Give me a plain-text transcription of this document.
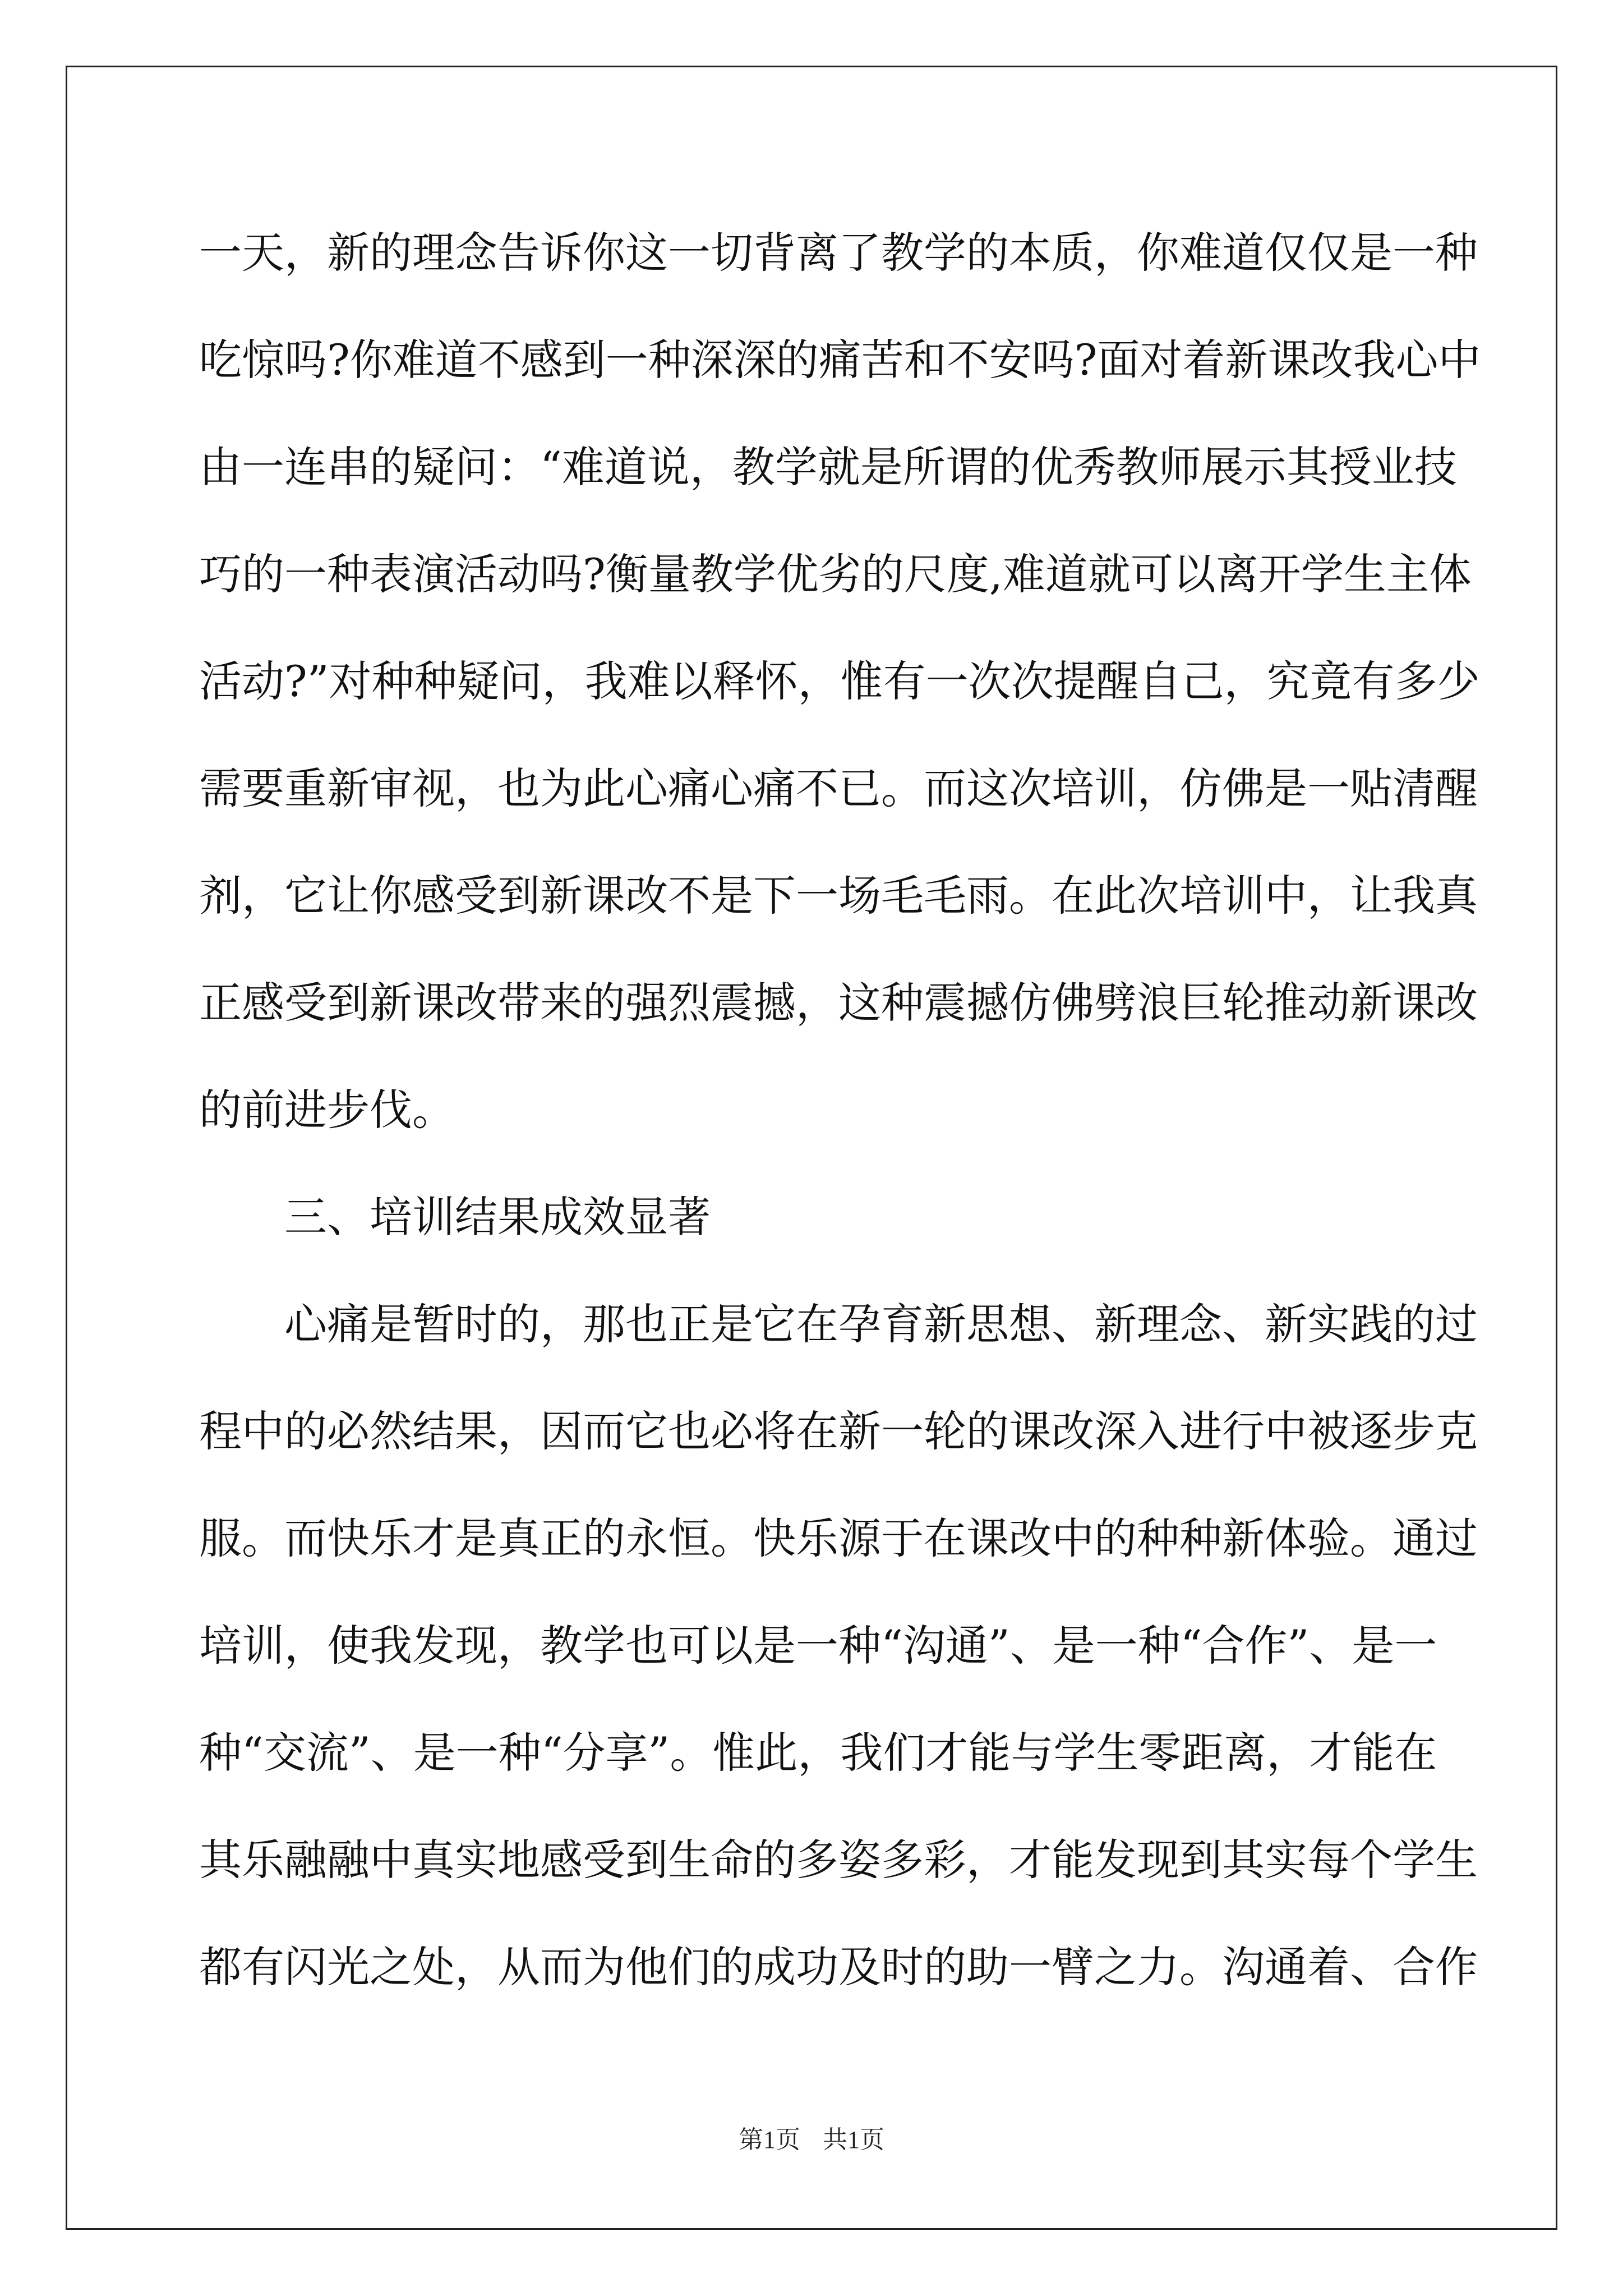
一天，新的理念告诉你这一切背离了教学的本质，你难道仅仅是一种
吃惊吗?你难道不感到一种深深的痛苦和不安吗?面对着新课改我心中
由一连串的疑问：“难道说，教学就是所谓的优秀教师展示其授业技
巧的一种表演活动吗?衡量教学优劣的尺度,难道就可以离开学生主体
活动?”对种种疑问，我难以释怀，惟有一次次提醒自己，究竟有多少
需要重新审视，也为此心痛心痛不已。而这次培训，仿佛是一贴清醒
剂，它让你感受到新课改不是下一场毛毛雨。在此次培训中，让我真
正感受到新课改带来的强烈震撼，这种震撼仿佛劈浪巨轮推动新课改
的前进步伐。
三、培训结果成效显著
心痛是暂时的，那也正是它在孕育新思想、新理念、新实践的过
程中的必然结果，因而它也必将在新一轮的课改深入进行中被逐步克
服。而快乐才是真正的永恒。快乐源于在课改中的种种新体验。通过
培训，使我发现，教学也可以是一种“沟通”、是一种“合作”、是一
种“交流”、是一种“分享”。惟此，我们才能与学生零距离，才能在
其乐融融中真实地感受到生命的多姿多彩，才能发现到其实每个学生
都有闪光之处，从而为他们的成功及时的助一臂之力。沟通着、合作
第1页 共1页
